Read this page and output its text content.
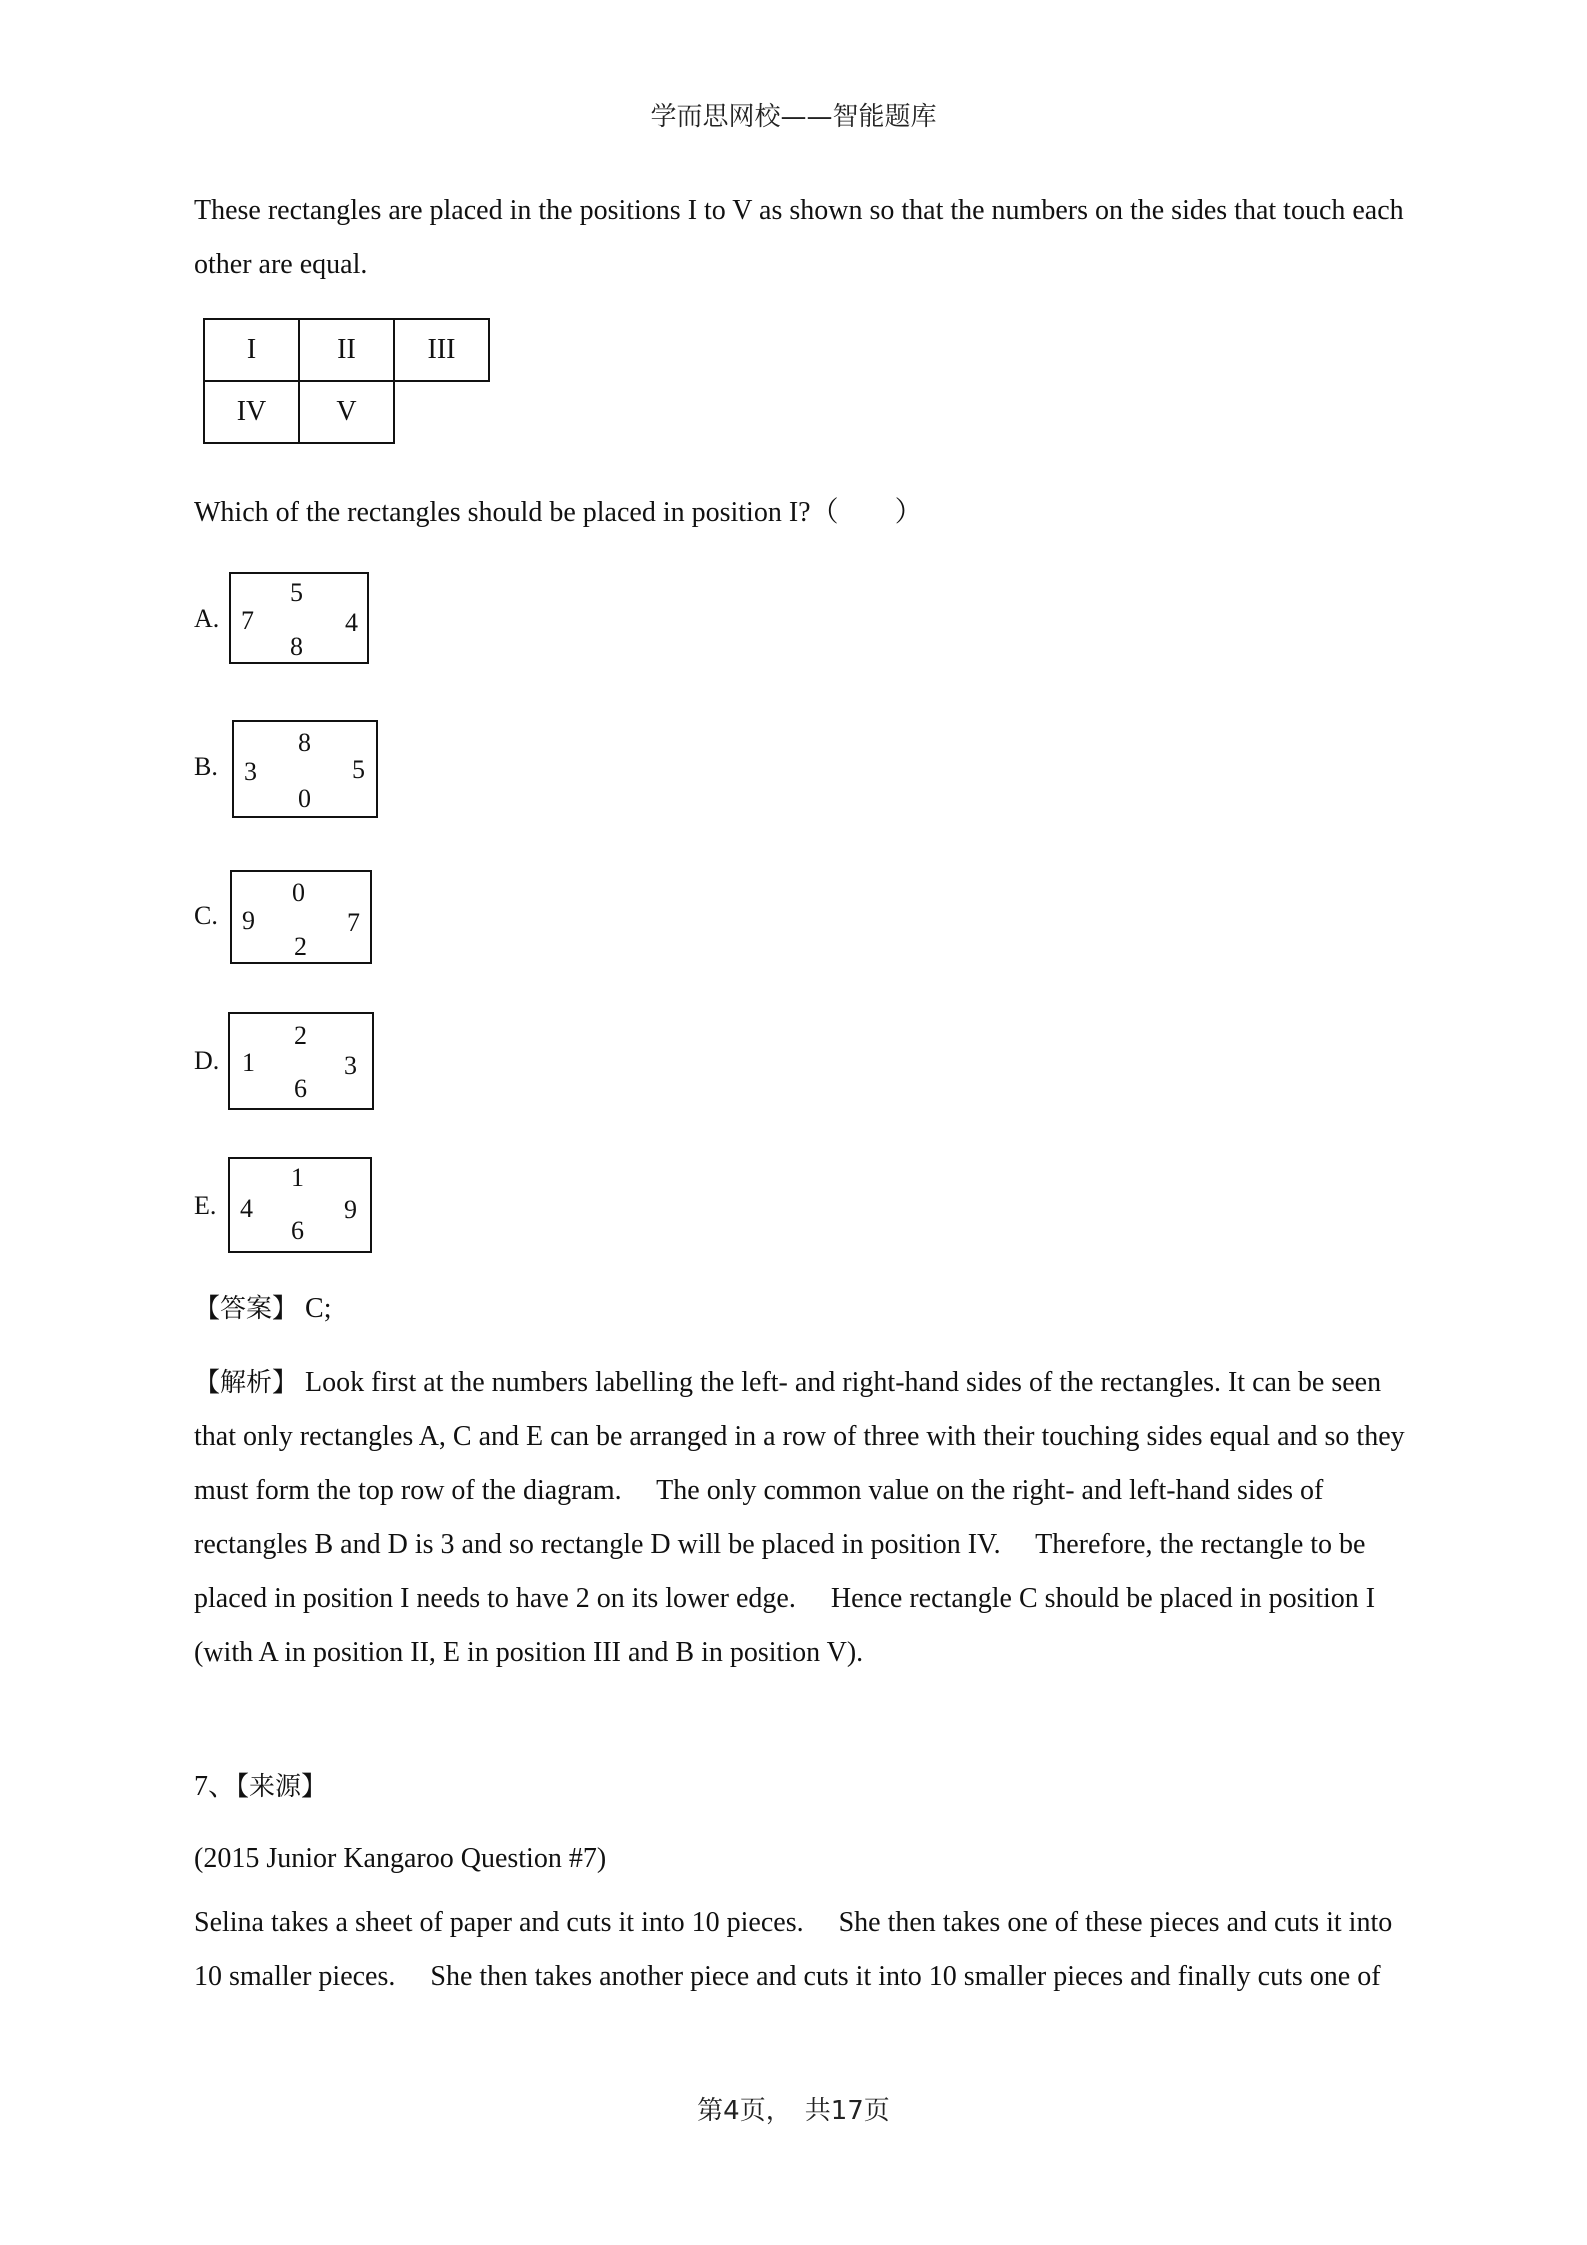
学而思网校——智能题库
These rectangles are placed in the positions I to V as shown so that the numbers on the sides that touch each other are equal.
I	II	III
IV	V
Which of the rectangles should be placed in position I?（　　）
A.
5
7	4
8
B.
8
3	5
0
C.
0
9	7
2
D.
2
1	3
6
E.
1
4	9
6
【答案】 C;
【解析】 Look first at the numbers labelling the left- and right-hand sides of the rectangles. It can be seen that only rectangles A, C and E can be arranged in a row of three with their touching sides equal and so they must form the top row of the diagram.　 The only common value on the right- and left-hand sides of rectangles B and D is 3 and so rectangle D will be placed in position IV.　 Therefore, the rectangle to be placed in position I needs to have 2 on its lower edge.　 Hence rectangle C should be placed in position I (with A in position II, E in position III and B in position V).
7、【来源】
(2015 Junior Kangaroo Question #7)
Selina takes a sheet of paper and cuts it into 10 pieces.　 She then takes one of these pieces and cuts it into 10 smaller pieces.　 She then takes another piece and cuts it into 10 smaller pieces and finally cuts one of
第4页，　共17页
